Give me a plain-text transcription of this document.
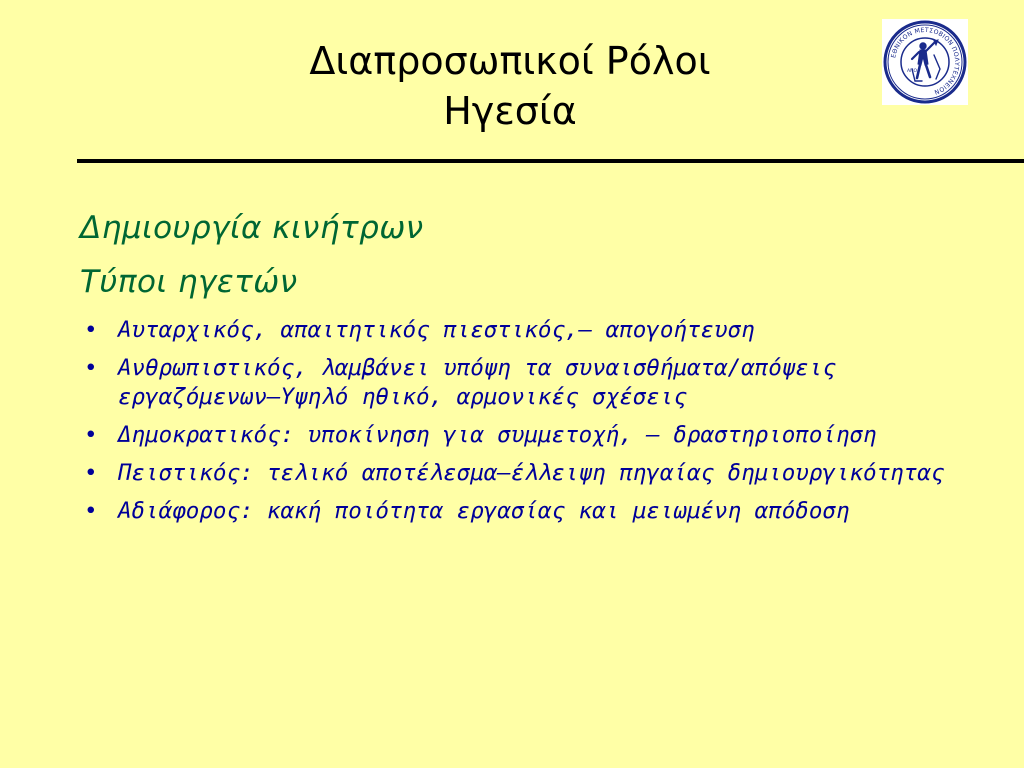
Διαπροσωπικοί Ρόλοι
Ηγεσία
ΕΘΝΙΚΟΝ ΜΕΤΣΟΒΙΟΝ ΠΟΛΥΤΕΧΝΕΙΟΝ
ΑΠΟ
Δημιουργία κινήτρων
Τύποι ηγετών
• Αυταρχικός, απαιτητικός πιεστικός,— απογοήτευση
• Ανθρωπιστικός, λαμβάνει υπόψη τα συναισθήματα/απόψεις εργαζόμενων—Υψηλό ηθικό, αρμονικές σχέσεις
• Δημοκρατικός: υποκίνηση για συμμετοχή, — δραστηριοποίηση
• Πειστικός: τελικό αποτέλεσμα—έλλειψη πηγαίας δημιουργικότητας
• Αδιάφορος: κακή ποιότητα εργασίας και μειωμένη απόδοση
